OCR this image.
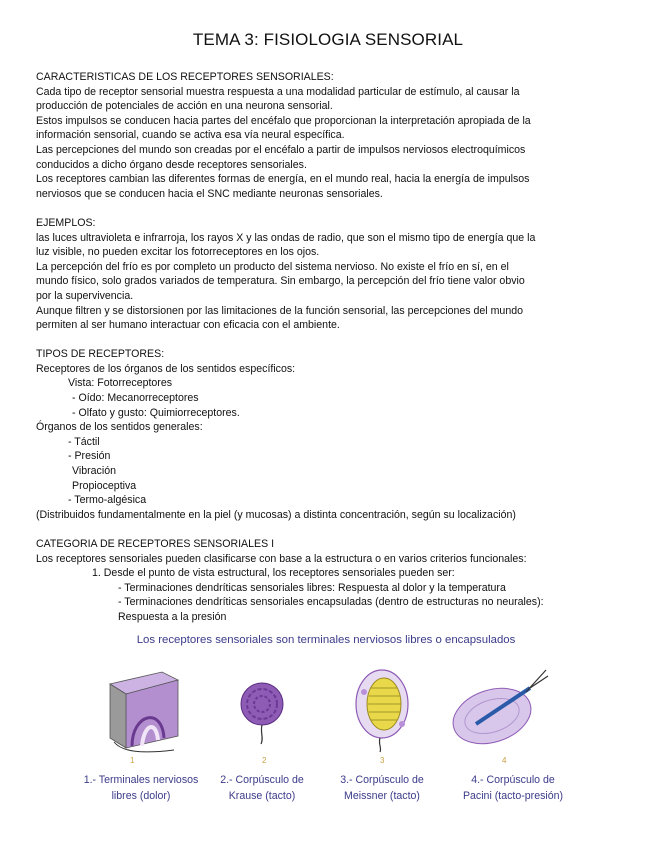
TEMA 3: FISIOLOGIA SENSORIAL

CARACTERISTICAS DE LOS RECEPTORES SENSORIALES:

Cada tipo de receptor sensorial muestra respuesta a una modalidad particular de estímulo, al causar la

producción de potenciales de acción en una neurona sensorial.

Estos impulsos se conducen hacia partes del encéfalo que proporcionan la interpretación apropiada de la

información sensorial, cuando se activa esa vía neural específica.

Las percepciones del mundo son creadas por el encéfalo a partir de impulsos nerviosos electroquímicos

conducidos a dicho órgano desde receptores sensoriales.

Los receptores cambian las diferentes formas de energía, en el mundo real, hacia la energía de impulsos

nerviosos que se conducen hacia el SNC mediante neuronas sensoriales.

EJEMPLOS:

las luces ultravioleta e infrarroja, los rayos X y las ondas de radio, que son el mismo tipo de energía que la

luz visible, no pueden excitar los fotorreceptores en los ojos.

La percepción del frío es por completo un producto del sistema nervioso. No existe el frío en sí, en el

mundo físico, solo grados variados de temperatura. Sin embargo, la percepción del frío tiene valor obvio

por la supervivencia.

Aunque filtren y se distorsionen por las limitaciones de la función sensorial, las percepciones del mundo

permiten al ser humano interactuar con eficacia con el ambiente.

TIPOS DE RECEPTORES:

Receptores de los órganos de los sentidos específicos:

Vista: Fotorreceptores

- Oído: Mecanorreceptores

- Olfato y gusto: Quimiorreceptores.

Órganos de los sentidos generales:

- Táctil

- Presión

Vibración

Propioceptiva

- Termo-algésica

(Distribuidos fundamentalmente en la piel (y mucosas) a distinta concentración, según su localización)

CATEGORIA DE RECEPTORES SENSORIALES I

Los receptores sensoriales pueden clasificarse con base a la estructura o en varios criterios funcionales:

1. Desde el punto de vista estructural, los receptores sensoriales pueden ser:

- Terminaciones dendríticas sensoriales libres: Respuesta al dolor y la temperatura

- Terminaciones dendríticas sensoriales encapsuladas (dentro de estructuras no neurales):

Respuesta a la presión

Los receptores sensoriales son terminales nerviosos libres o encapsulados
1	2	3	4
1.- Terminales nerviosos
libres (dolor)
2.- Corpúsculo de
Krause (tacto)
3.- Corpúsculo de
Meissner (tacto)
4.- Corpúsculo de
Pacini (tacto-presión)
